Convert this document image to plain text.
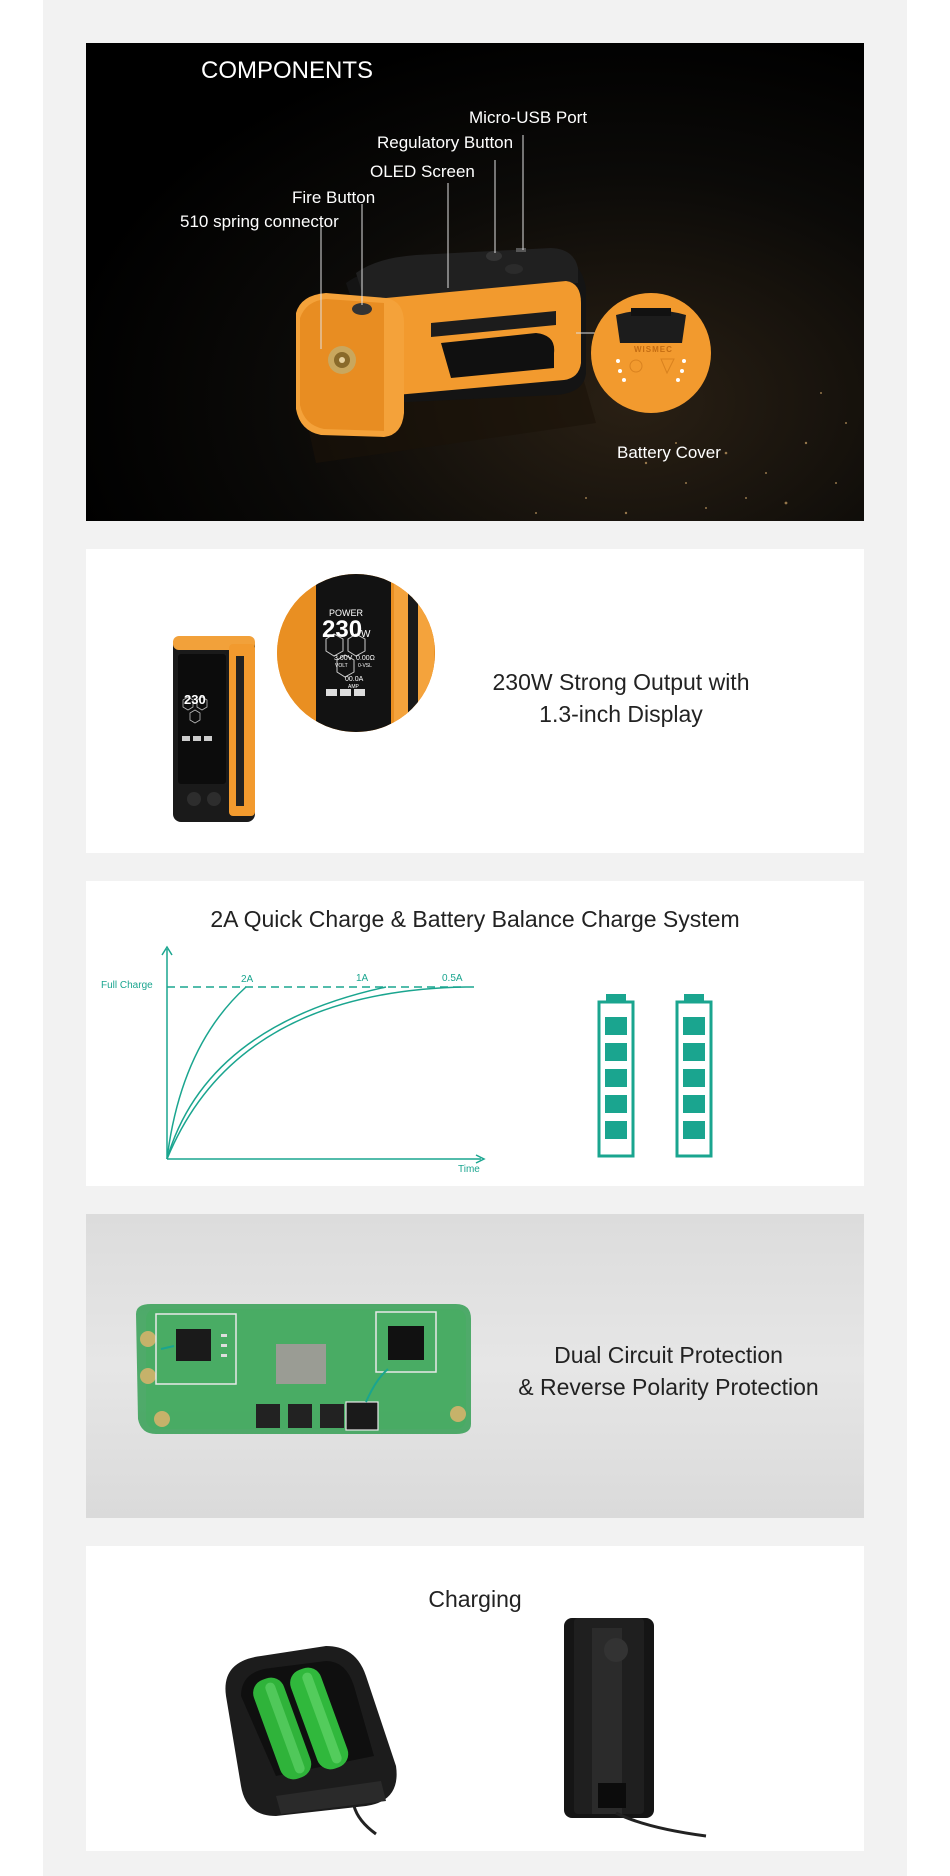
COMPONENTS
Micro-USB Port
Regulatory Button
OLED Screen
Fire Button
510 spring connector
Battery Cover
WISMEC
POWER
230
W
3.00V
VOLT
0.00Ω
0-VSL
00.0A
AMP
230
230W Strong Output with
1.3-inch Display
2A Quick Charge & Battery Balance Charge System
Full Charge
Time
2A	1A	0.5A
Dual Circuit Protection
& Reverse Polarity Protection
Charging
